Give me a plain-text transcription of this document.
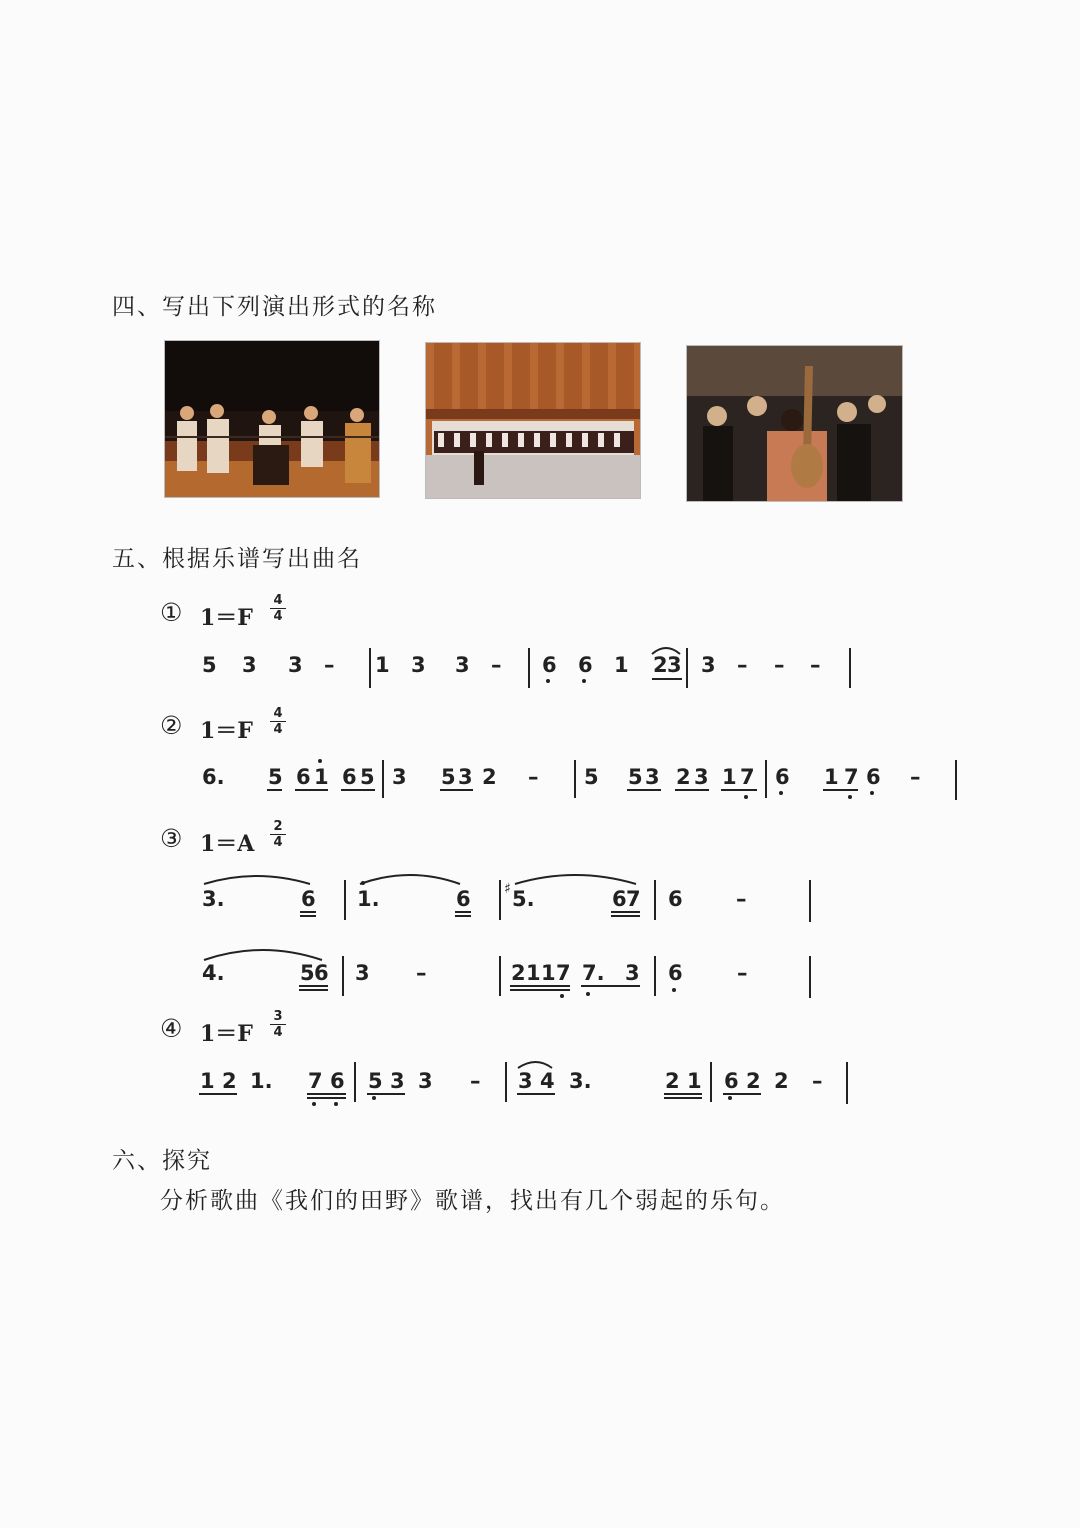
四、写出下列演出形式的名称
五、根据乐谱写出曲名
① 1＝F
4
4
② 1＝F
4
4
③ 1＝A
2
4
④ 1＝F
3
4
5 3 3 – 1 3 3 – 6 6 1 2 3 3 – – –
6. 5 6 1 6 5 3 5 3 2 – 5 5 3 2 3 1 7 6 1 7 6 –
3.	6 1.	6 ♯ 5.	6 7 6	–
4.	5 6 3 –	2 1 1 7 7. 3 6	–
1 2 1. 7 6 5 3 3 – 3 4 3.	2 1 6 2 2 –
六、探究
分析歌曲《我们的田野》歌谱，找出有几个弱起的乐句。
